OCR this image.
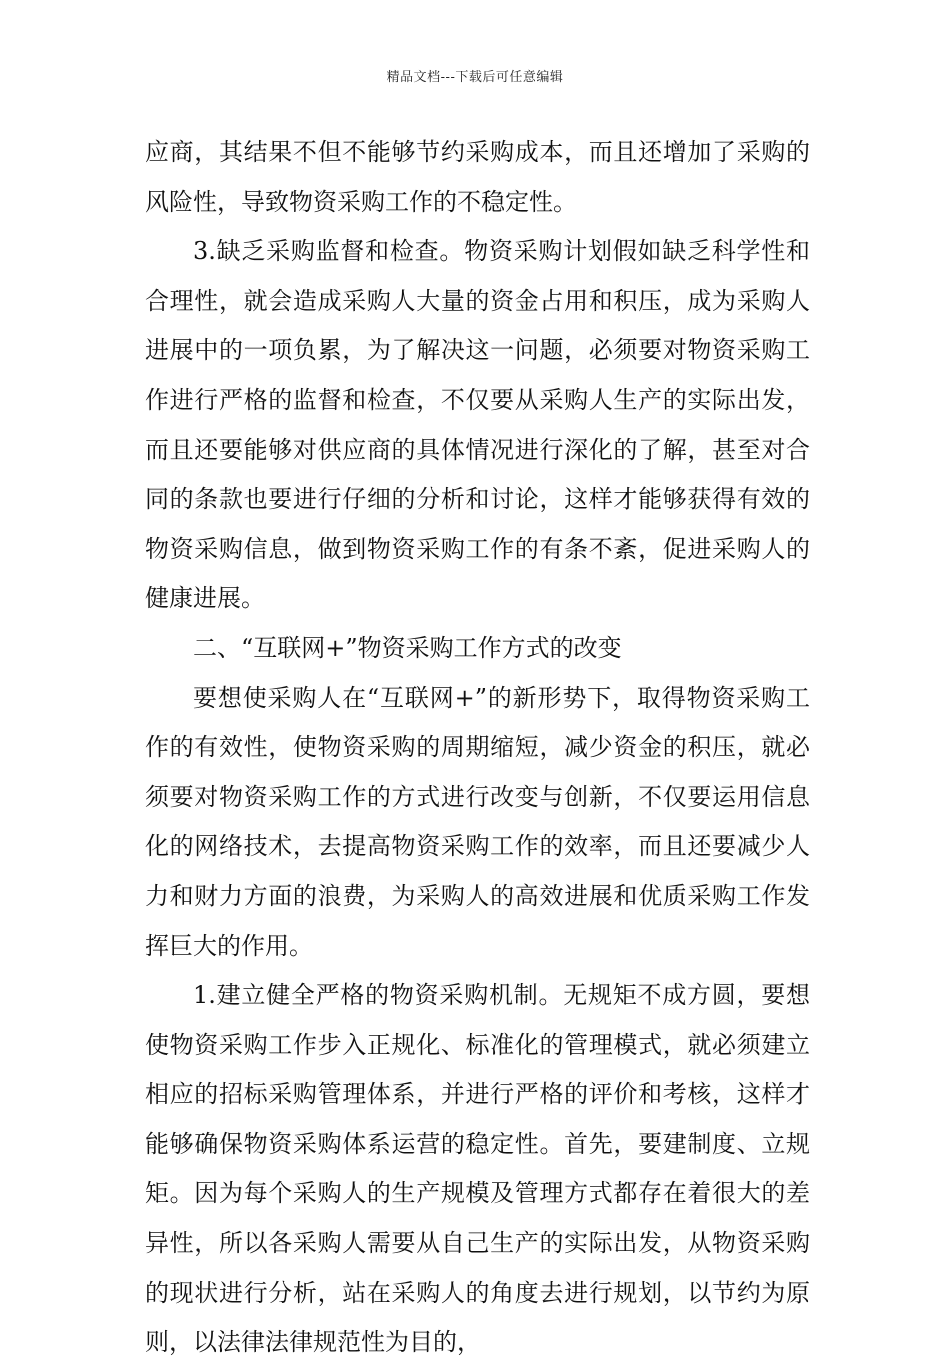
精品文档---下载后可任意编辑

应商，其结果不但不能够节约采购成本，而且还增加了采购的风险性，导致物资采购工作的不稳定性。

3.缺乏采购监督和检查。物资采购计划假如缺乏科学性和合理性，就会造成采购人大量的资金占用和积压，成为采购人进展中的一项负累，为了解决这一问题，必须要对物资采购工作进行严格的监督和检查，不仅要从采购人生产的实际出发，而且还要能够对供应商的具体情况进行深化的了解，甚至对合同的条款也要进行仔细的分析和讨论，这样才能够获得有效的物资采购信息，做到物资采购工作的有条不紊，促进采购人的健康进展。

二、“互联网+”物资采购工作方式的改变

要想使采购人在“互联网+”的新形势下，取得物资采购工作的有效性，使物资采购的周期缩短，减少资金的积压，就必须要对物资采购工作的方式进行改变与创新，不仅要运用信息化的网络技术，去提高物资采购工作的效率，而且还要减少人力和财力方面的浪费，为采购人的高效进展和优质采购工作发挥巨大的作用。

1.建立健全严格的物资采购机制。无规矩不成方圆，要想使物资采购工作步入正规化、标准化的管理模式，就必须建立相应的招标采购管理体系，并进行严格的评价和考核，这样才能够确保物资采购体系运营的稳定性。首先，要建制度、立规矩。因为每个采购人的生产规模及管理方式都存在着很大的差异性，所以各采购人需要从自己生产的实际出发，从物资采购的现状进行分析，站在采购人的角度去进行规划，以节约为原则，以法律法律规范性为目的，
